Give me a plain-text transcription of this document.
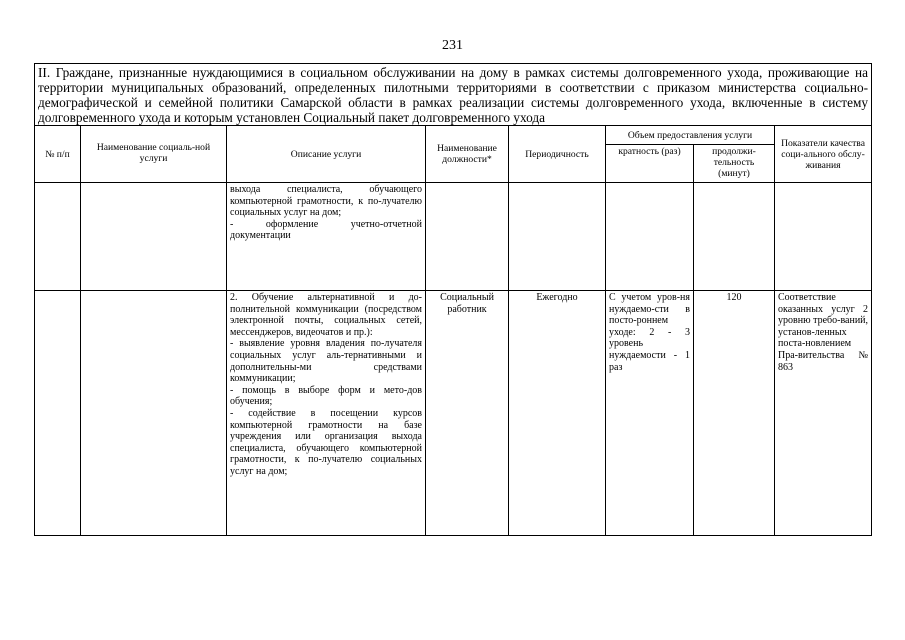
231
II. Граждане, признанные нуждающимися в социальном обслуживании на дому в рамках системы долговременного ухода, проживающие на территории муниципальных образований, определенных пилотными территориями в соответствии с приказом министерства социально-демографической и семейной политики Самарской области в рамках реализации системы долговременного ухода, включенные в систему долговременного ухода и которым установлен Социальный пакет долговременного ухода							
№ п/п	Наименование социаль-ной услуги	Описание услуги	Наименование должности*	Периодичность	Объем предоставления услуги		Показатели качества соци-ального обслу-живания
					кратность (раз)	продолжи-тельность (минут)	
		выхода специалиста, обучающего компьютерной грамотности, к по-лучателю социальных услуг на дом;
- оформление учетно-отчетной документации					
		2. Обучение альтернативной и до-полнительной коммуникации (посредством электронной почты, социальных сетей, мессенджеров, видеочатов и пр.):
- выявление уровня владения по-лучателя социальных услуг аль-тернативными и дополнительны-ми средствами коммуникации;
- помощь в выборе форм и мето-дов обучения;
- содействие в посещении курсов компьютерной грамотности на базе учреждения или организация выхода специалиста, обучающего компьютерной грамотности, к по-лучателю социальных услуг на дом;	Социальный работник	Ежегодно	С учетом уров-ня нуждаемо-сти в посто-роннем уходе: 2 - 3 уровень нуждаемости - 1 раз	120	Соответствие оказанных услуг 2 уровню требо-ваний, установ-ленных поста-новлением Пра-вительства № 863
